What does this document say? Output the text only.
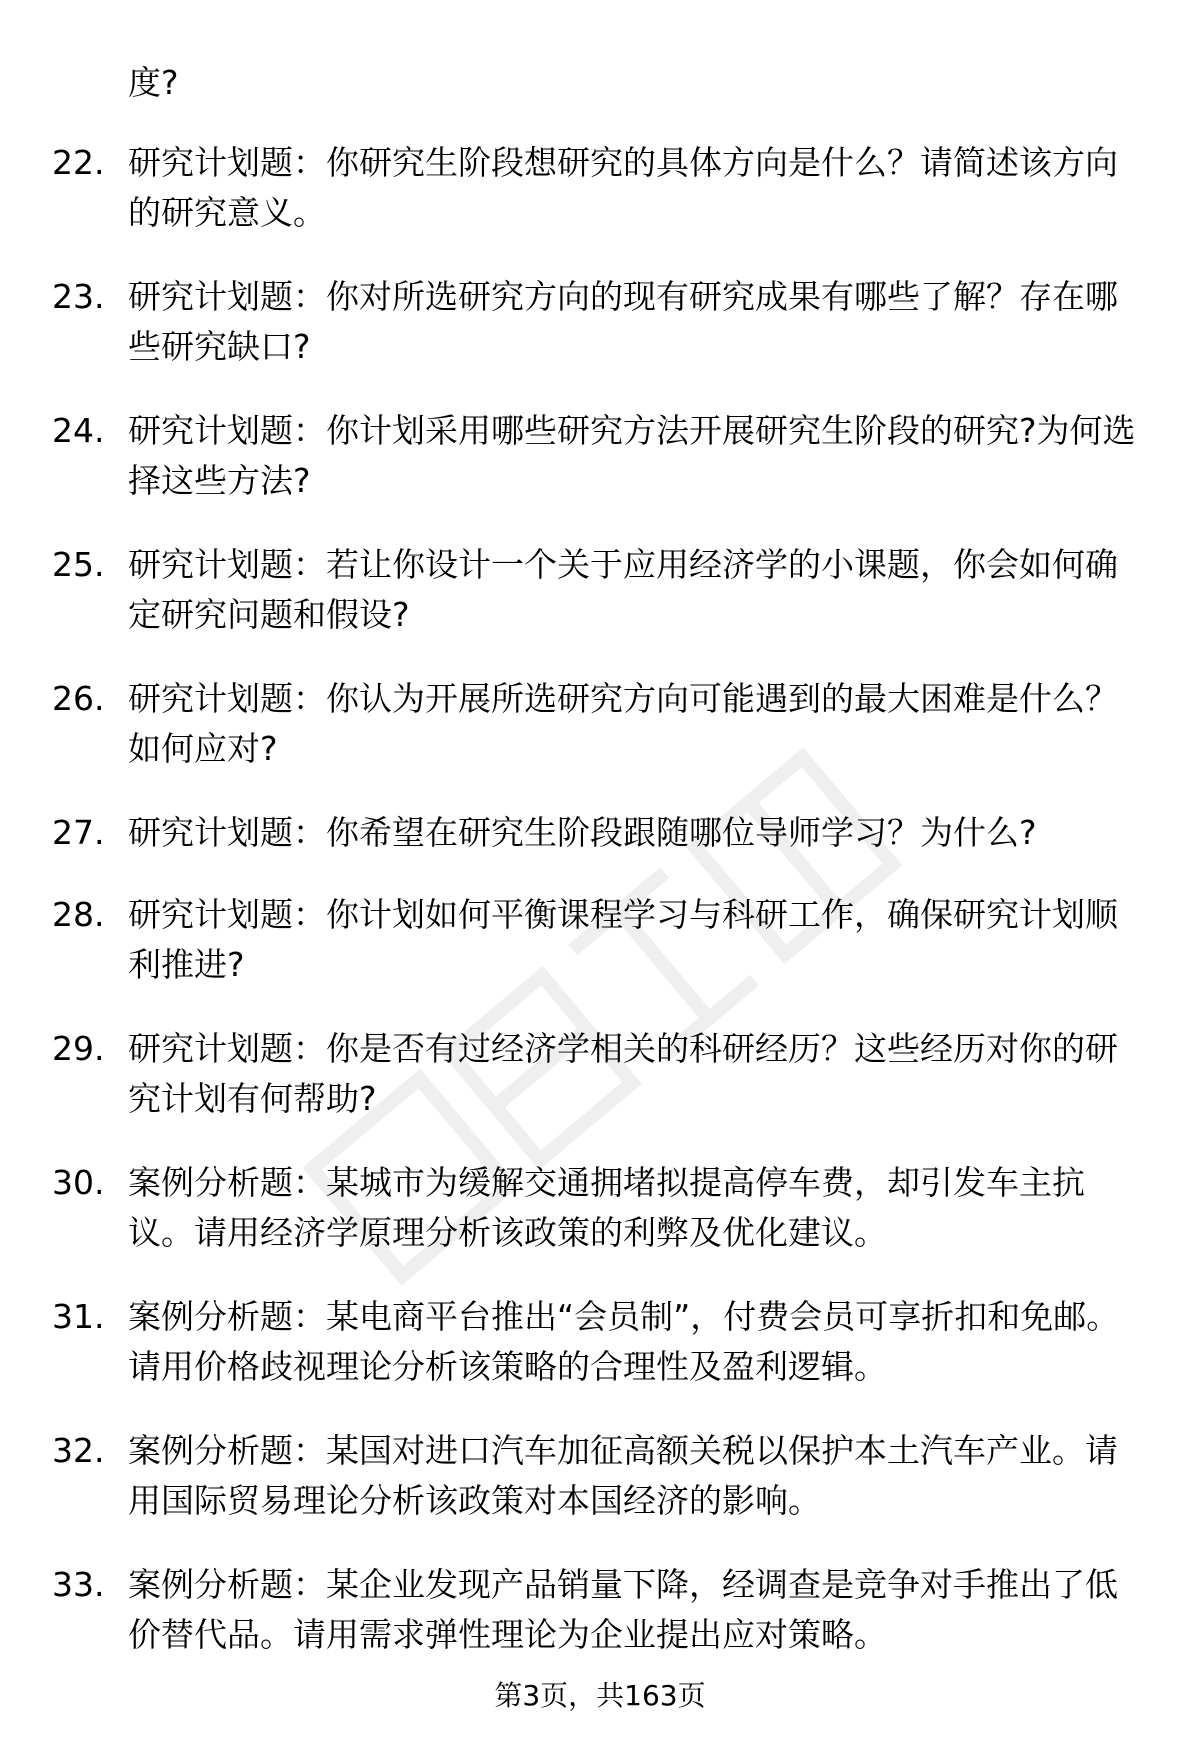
度?

22. 研究计划题：你研究生阶段想研究的具体方向是什么？请简述该方向的研究意义。
23. 研究计划题：你对所选研究方向的现有研究成果有哪些了解？存在哪些研究缺口?
24. 研究计划题：你计划采用哪些研究方法开展研究生阶段的研究?为何选择这些方法?
25. 研究计划题：若让你设计一个关于应用经济学的小课题，你会如何确定研究问题和假设?
26. 研究计划题：你认为开展所选研究方向可能遇到的最大困难是什么？如何应对?
27. 研究计划题：你希望在研究生阶段跟随哪位导师学习？为什么?
28. 研究计划题：你计划如何平衡课程学习与科研工作，确保研究计划顺利推进?
29. 研究计划题：你是否有过经济学相关的科研经历？这些经历对你的研究计划有何帮助?
30. 案例分析题：某城市为缓解交通拥堵拟提高停车费，却引发车主抗议。请用经济学原理分析该政策的利弊及优化建议。
31. 案例分析题：某电商平台推出“会员制”，付费会员可享折扣和免邮。请用价格歧视理论分析该策略的合理性及盈利逻辑。
32. 案例分析题：某国对进口汽车加征高额关税以保护本土汽车产业。请用国际贸易理论分析该政策对本国经济的影响。
33. 案例分析题：某企业发现产品销量下降，经调查是竞争对手推出了低价替代品。请用需求弹性理论为企业提出应对策略。
第3页，共163页
